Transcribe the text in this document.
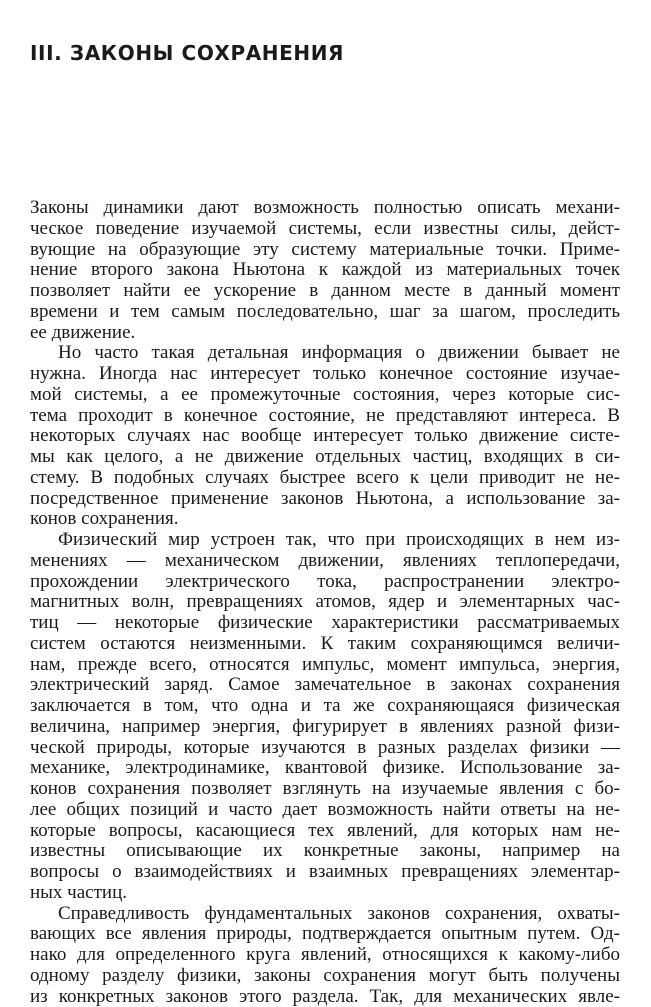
III. ЗАКОНЫ СОХРАНЕНИЯ
Законы динамики дают возможность полностью описать механи-
ческое поведение изучаемой системы, если известны силы, дейст-
вующие на образующие эту систему материальные точки. Приме-
нение второго закона Ньютона к каждой из материальных точек
позволяет найти ее ускорение в данном месте в данный момент
времени и тем самым последовательно, шаг за шагом, проследить
ее движение.
Но часто такая детальная информация о движении бывает не
нужна. Иногда нас интересует только конечное состояние изучае-
мой системы, а ее промежуточные состояния, через которые сис-
тема проходит в конечное состояние, не представляют интереса. В
некоторых случаях нас вообще интересует только движение систе-
мы как целого, а не движение отдельных частиц, входящих в си-
стему. В подобных случаях быстрее всего к цели приводит не не-
посредственное применение законов Ньютона, а использование за-
конов сохранения.
Физический мир устроен так, что при происходящих в нем из-
менениях — механическом движении, явлениях теплопередачи,
прохождении электрического тока, распространении электро-
магнитных волн, превращениях атомов, ядер и элементарных час-
тиц — некоторые физические характеристики рассматриваемых
систем остаются неизменными. К таким сохраняющимся величи-
нам, прежде всего, относятся импульс, момент импульса, энергия,
электрический заряд. Самое замечательное в законах сохранения
заключается в том, что одна и та же сохраняющаяся физическая
величина, например энергия, фигурирует в явлениях разной физи-
ческой природы, которые изучаются в разных разделах физики —
механике, электродинамике, квантовой физике. Использование за-
конов сохранения позволяет взглянуть на изучаемые явления с бо-
лее общих позиций и часто дает возможность найти ответы на не-
которые вопросы, касающиеся тех явлений, для которых нам не-
известны описывающие их конкретные законы, например на
вопросы о взаимодействиях и взаимных превращениях элементар-
ных частиц.
Справедливость фундаментальных законов сохранения, охваты-
вающих все явления природы, подтверждается опытным путем. Од-
нако для определенного круга явлений, относящихся к какому-либо
одному разделу физики, законы сохранения могут быть получены
из конкретных законов этого раздела. Так, для механических явле-
